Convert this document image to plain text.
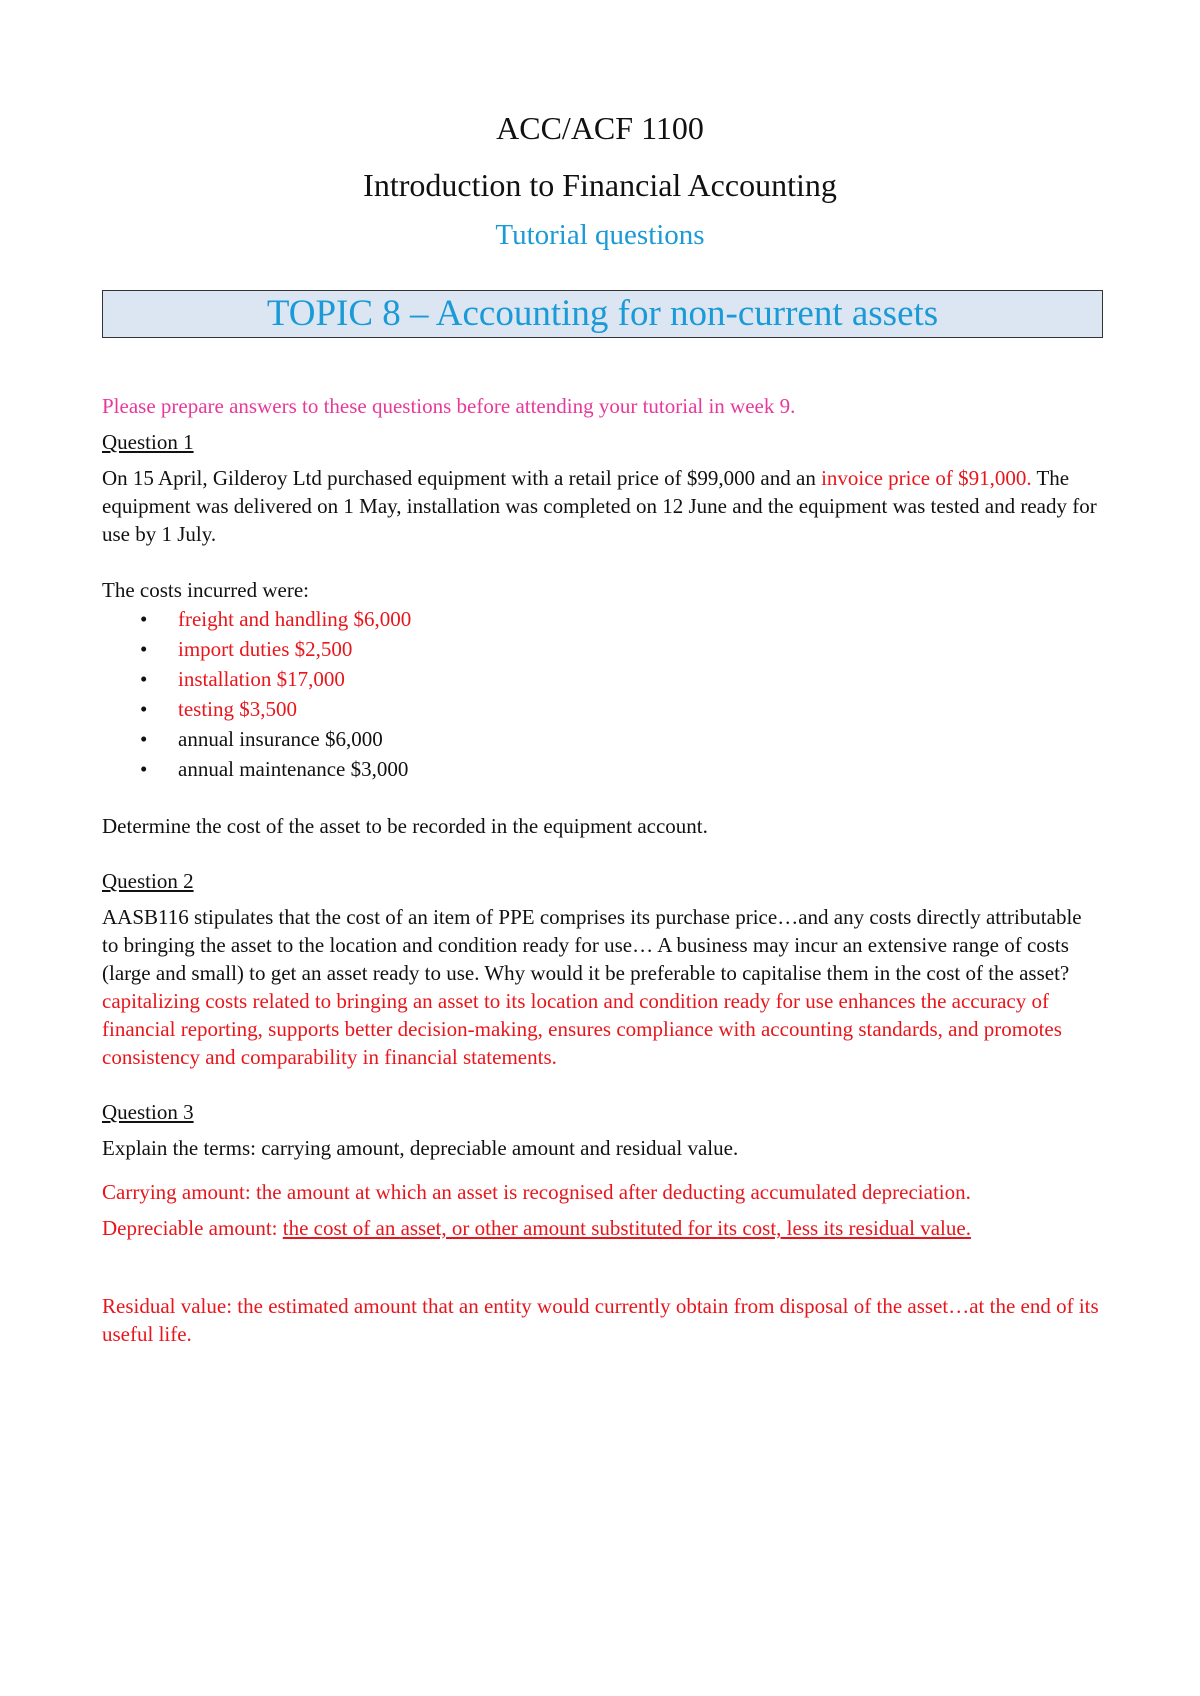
ACC/ACF 1100

Introduction to Financial Accounting

Tutorial questions

TOPIC 8 – Accounting for non-current assets

Please prepare answers to these questions before attending your tutorial in week 9.

Question 1

On 15 April, Gilderoy Ltd purchased equipment with a retail price of $99,000 and an invoice price of $91,000. The equipment was delivered on 1 May, installation was completed on 12 June and the equipment was tested and ready for use by 1 July.

The costs incurred were:

• freight and handling $6,000
• import duties $2,500
• installation $17,000
• testing $3,500
• annual insurance $6,000
• annual maintenance $3,000

Determine the cost of the asset to be recorded in the equipment account.

Question 2

AASB116 stipulates that the cost of an item of PPE comprises its purchase price…and any costs directly attributable to bringing the asset to the location and condition ready for use… A business may incur an extensive range of costs (large and small) to get an asset ready to use. Why would it be preferable to capitalise them in the cost of the asset?

capitalizing costs related to bringing an asset to its location and condition ready for use enhances the accuracy of financial reporting, supports better decision-making, ensures compliance with accounting standards, and promotes consistency and comparability in financial statements.

Question 3

Explain the terms: carrying amount, depreciable amount and residual value.

Carrying amount: the amount at which an asset is recognised after deducting accumulated depreciation.

Depreciable amount: the cost of an asset, or other amount substituted for its cost, less its residual value.

Residual value: the estimated amount that an entity would currently obtain from disposal of the asset…at the end of its useful life.
